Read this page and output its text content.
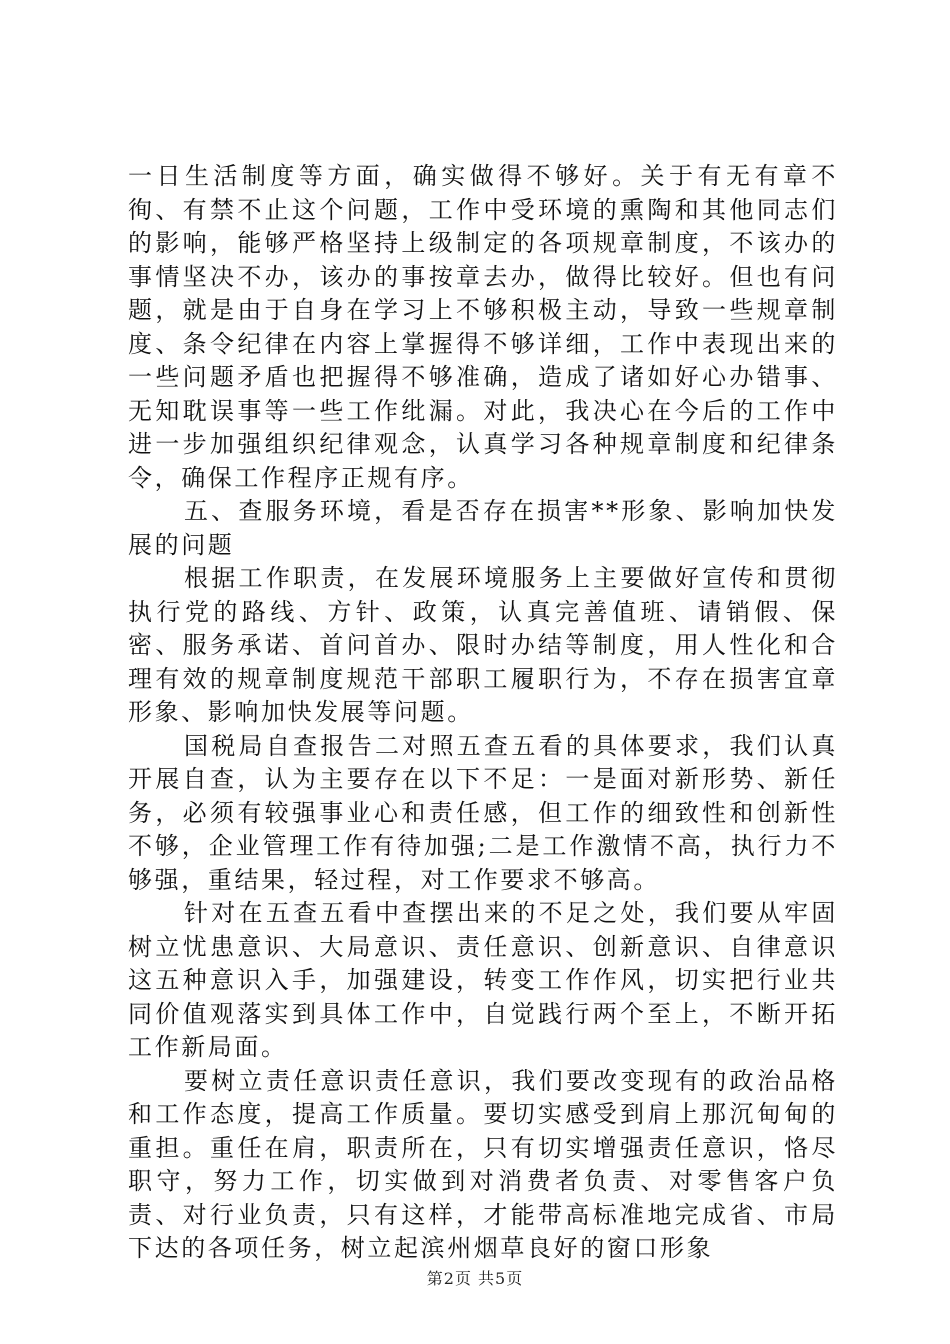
一日生活制度等方面，确实做得不够好。关于有无有章不徇、有禁不止这个问题，工作中受环境的熏陶和其他同志们的影响，能够严格坚持上级制定的各项规章制度，不该办的事情坚决不办，该办的事按章去办，做得比较好。但也有问题，就是由于自身在学习上不够积极主动，导致一些规章制度、条令纪律在内容上掌握得不够详细，工作中表现出来的一些问题矛盾也把握得不够准确，造成了诸如好心办错事、无知耽误事等一些工作纰漏。对此，我决心在今后的工作中进一步加强组织纪律观念，认真学习各种规章制度和纪律条令，确保工作程序正规有序。

五、查服务环境，看是否存在损害**形象、影响加快发展的问题

根据工作职责，在发展环境服务上主要做好宣传和贯彻执行党的路线、方针、政策，认真完善值班、请销假、保密、服务承诺、首问首办、限时办结等制度，用人性化和合理有效的规章制度规范干部职工履职行为，不存在损害宜章形象、影响加快发展等问题。

国税局自查报告二对照五查五看的具体要求，我们认真开展自查，认为主要存在以下不足：一是面对新形势、新任务，必须有较强事业心和责任感，但工作的细致性和创新性不够，企业管理工作有待加强;二是工作激情不高，执行力不够强，重结果，轻过程，对工作要求不够高。

针对在五查五看中查摆出来的不足之处，我们要从牢固树立忧患意识、大局意识、责任意识、创新意识、自律意识这五种意识入手，加强建设，转变工作作风，切实把行业共同价值观落实到具体工作中，自觉践行两个至上，不断开拓工作新局面。

要树立责任意识责任意识，我们要改变现有的政治品格和工作态度，提高工作质量。要切实感受到肩上那沉甸甸的重担。重任在肩，职责所在，只有切实增强责任意识，恪尽职守，努力工作，切实做到对消费者负责、对零售客户负责、对行业负责，只有这样，才能带高标准地完成省、市局下达的各项任务，树立起滨州烟草良好的窗口形象

第2页 共5页
